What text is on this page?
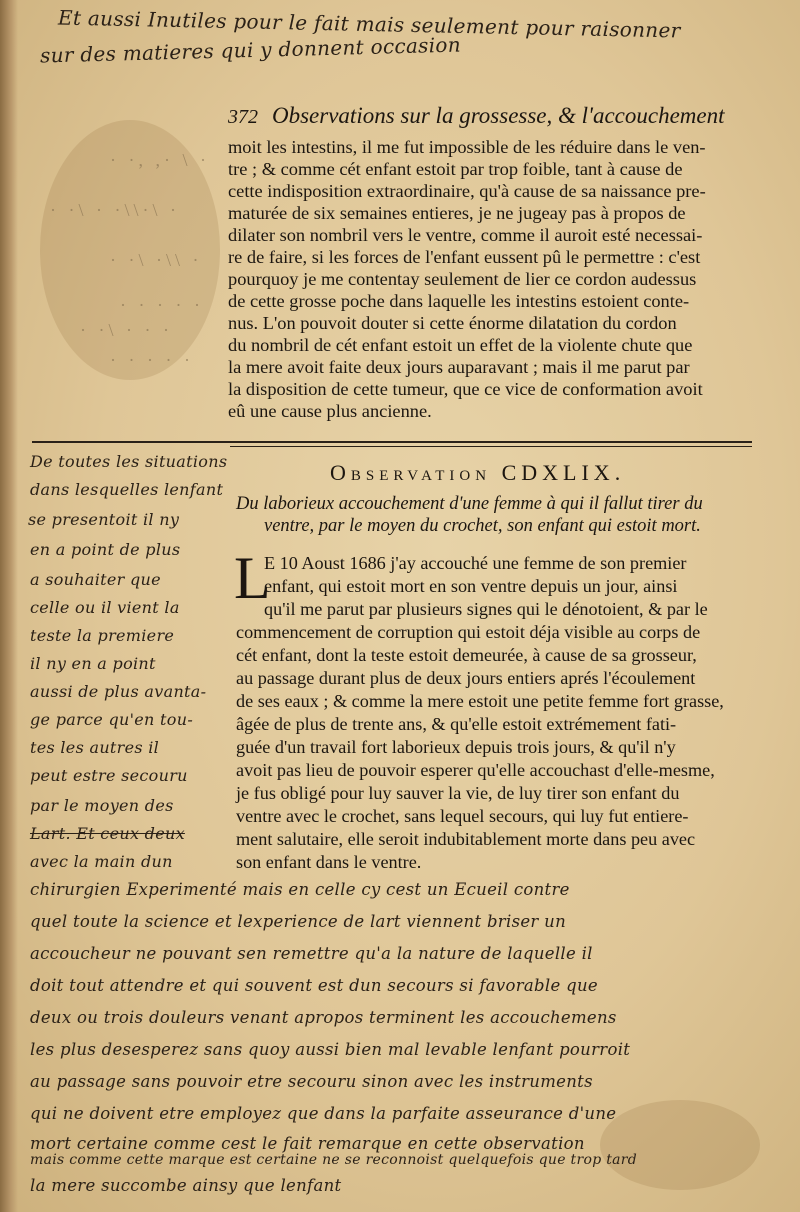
Et aussi Inutiles pour le fait mais seulement pour raisonner
sur des matieres qui y donnent occasion
· ·, ,· \ ·
· ·\ · ·\\·\ ·
· ·\ ·\\ ·
· · · · ·
· ·\ · · ·
· · · · ·
372 Observations sur la grossesse, & l'accouchement
moit les intestins, il me fut impossible de les réduire dans le ven-
tre ; & comme cét enfant estoit par trop foible, tant à cause de
cette indisposition extraordinaire, qu'à cause de sa naissance pre-
maturée de six semaines entieres, je ne jugeay pas à propos de
dilater son nombril vers le ventre, comme il auroit esté necessai-
re de faire, si les forces de l'enfant eussent pû le permettre : c'est
pourquoy je me contentay seulement de lier ce cordon audessus
de cette grosse poche dans laquelle les intestins estoient conte-
nus. L'on pouvoit douter si cette énorme dilatation du cordon
du nombril de cét enfant estoit un effet de la violente chute que
la mere avoit faite deux jours auparavant ; mais il me parut par
la disposition de cette tumeur, que ce vice de conformation avoit
eû une cause plus ancienne.
Observation CDXLIX.
Du laborieux accouchement d'une femme à qui il fallut tirer du
ventre, par le moyen du crochet, son enfant qui estoit mort.
L
E 10 Aoust 1686 j'ay accouché une femme de son premier
enfant, qui estoit mort en son ventre depuis un jour, ainsi
qu'il me parut par plusieurs signes qui le dénotoient, & par le
commencement de corruption qui estoit déja visible au corps de
cét enfant, dont la teste estoit demeurée, à cause de sa grosseur,
au passage durant plus de deux jours entiers aprés l'écoulement
de ses eaux ; & comme la mere estoit une petite femme fort grasse,
âgée de plus de trente ans, & qu'elle estoit extrémement fati-
guée d'un travail fort laborieux depuis trois jours, & qu'il n'y
avoit pas lieu de pouvoir esperer qu'elle accouchast d'elle-mesme,
je fus obligé pour luy sauver la vie, de luy tirer son enfant du
ventre avec le crochet, sans lequel secours, qui luy fut entiere-
ment salutaire, elle seroit indubitablement morte dans peu avec
son enfant dans le ventre.
De toutes les situations
dans lesquelles lenfant
se presentoit il ny
en a point de plus
a souhaiter que
celle ou il vient la
teste la premiere
il ny en a point
aussi de plus avanta-
ge parce qu'en tou-
tes les autres il
peut estre secouru
par le moyen des
Lart. Et ceux deux
avec la main dun
chirurgien Experimenté mais en celle cy cest un Ecueil contre
quel toute la science et lexperience de lart viennent briser un
accoucheur ne pouvant sen remettre qu'a la nature de laquelle il
doit tout attendre et qui souvent est dun secours si favorable que
deux ou trois douleurs venant apropos terminent les accouchemens
les plus desesperez sans quoy aussi bien mal levable lenfant pourroit
au passage sans pouvoir etre secouru sinon avec les instruments
qui ne doivent etre employez que dans la parfaite asseurance d'une
mort certaine comme cest le fait remarque en cette observation
mais comme cette marque est certaine ne se reconnoist quelquefois que trop tard
la mere succombe ainsy que lenfant
